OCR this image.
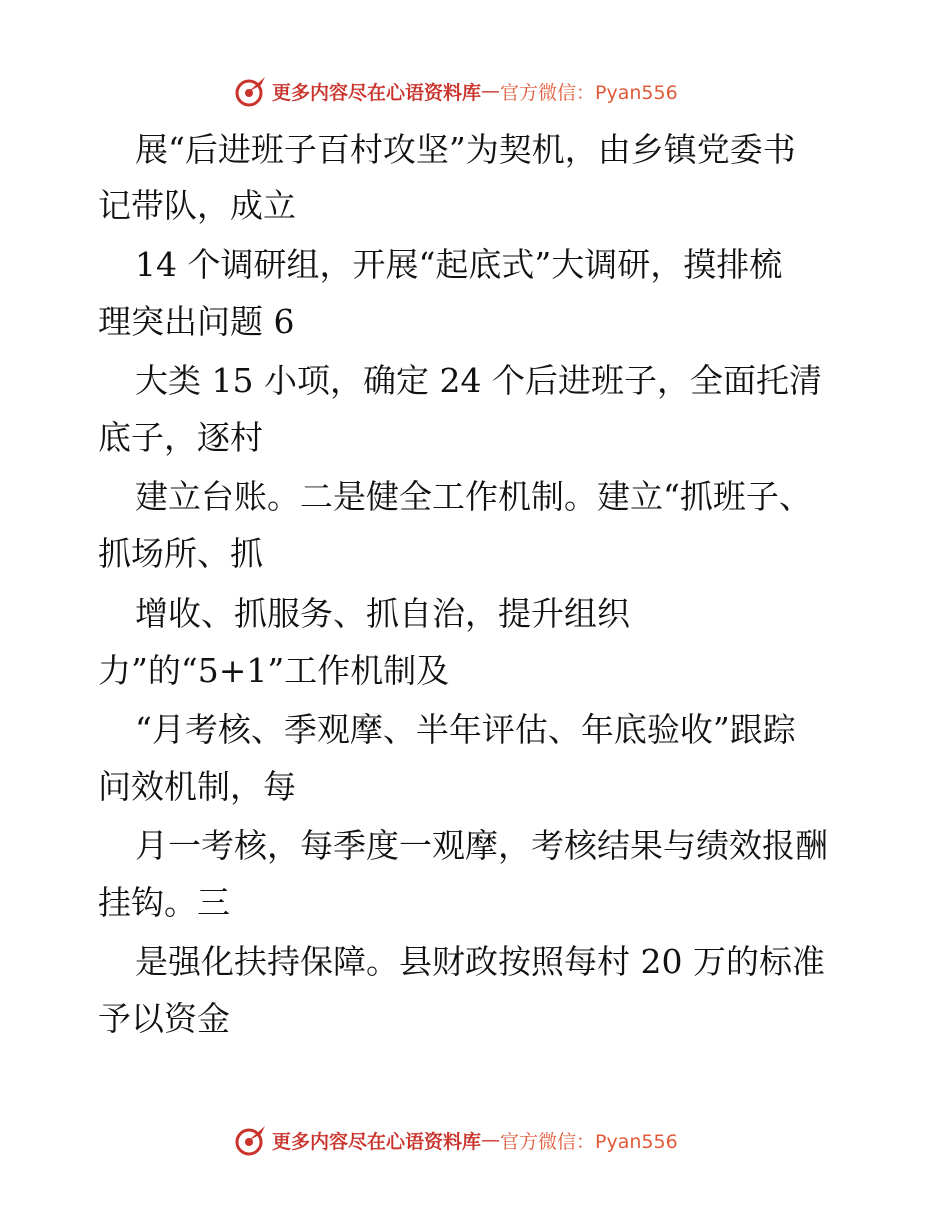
更多内容尽在心语资料库 — 官方微信：Pyan556
展“后进班子百村攻坚”为契机，由乡镇党委书
记带队，成立
14 个调研组，开展“起底式”大调研，摸排梳
理突出问题 6
大类 15 小项，确定 24 个后进班子，全面托清
底子，逐村
建立台账。二是健全工作机制。建立“抓班子、
抓场所、抓
增收、抓服务、抓自治，提升组织
力”的“5+1”工作机制及
“月考核、季观摩、半年评估、年底验收”跟踪
问效机制，每
月一考核，每季度一观摩，考核结果与绩效报酬
挂钩。三
是强化扶持保障。县财政按照每村 20 万的标准
予以资金
更多内容尽在心语资料库 — 官方微信：Pyan556
